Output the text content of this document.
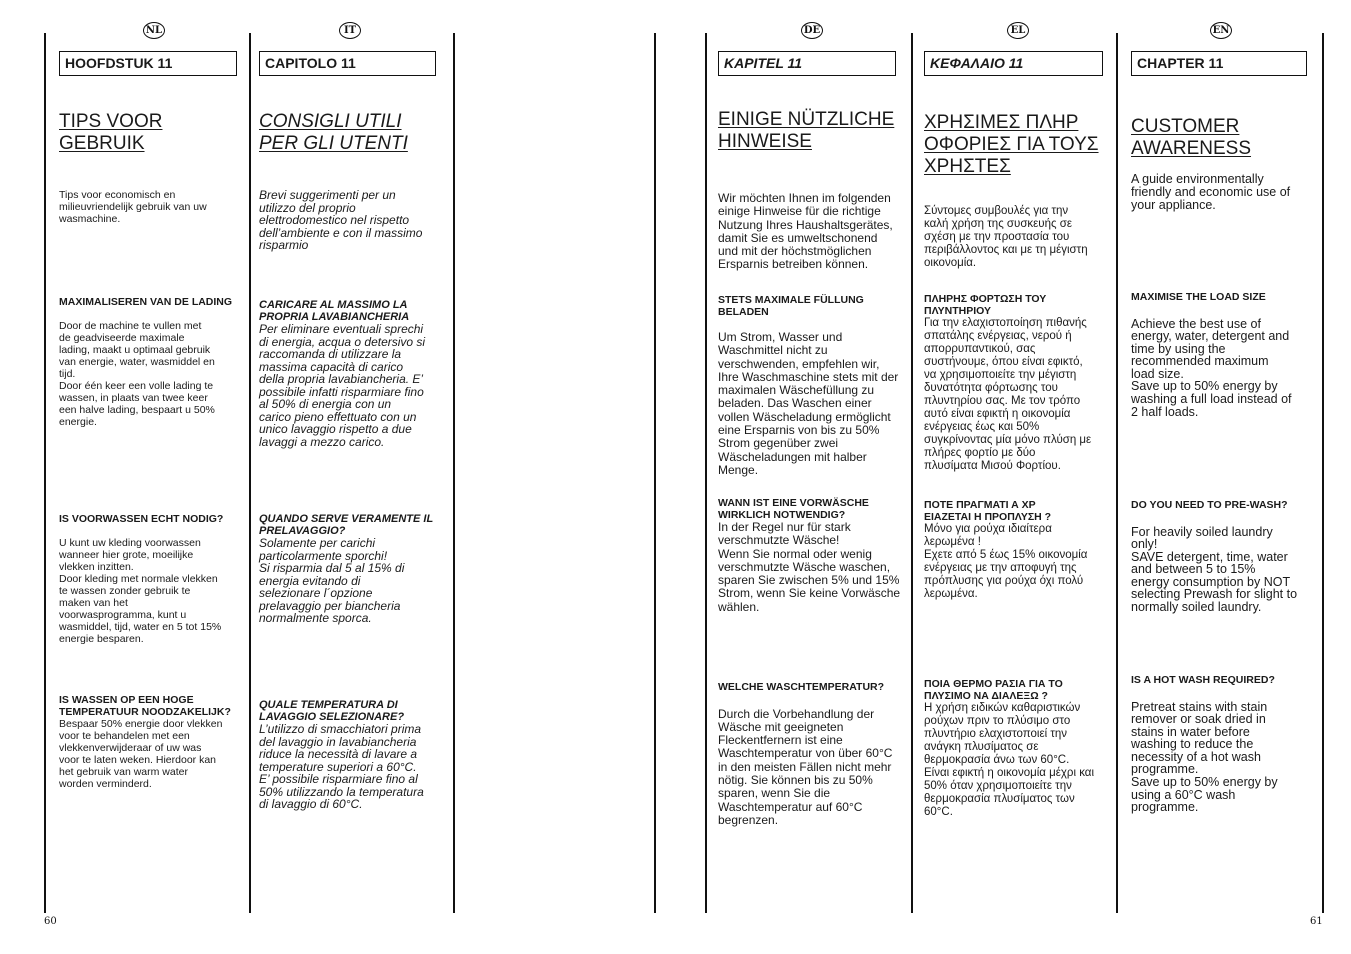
NL	IT	DE	EL	EN
HOOFDSTUK 11
TIPS VOOR
GEBRUIK
Tips voor economisch en
milieuvriendelijk gebruik van uw
wasmachine.
MAXIMALISEREN VAN DE LADING
Door de machine te vullen met
de geadviseerde maximale
lading, maakt u optimaal gebruik
van energie, water, wasmiddel en
tijd.
Door één keer een volle lading te
wassen, in plaats van twee keer
een halve lading, bespaart u 50%
energie.
IS VOORWASSEN ECHT NODIG?
U kunt uw kleding voorwassen
wanneer hier grote, moeilijke
vlekken inzitten.
Door kleding met normale vlekken
te wassen zonder gebruik te
maken van het
voorwasprogramma, kunt u
wasmiddel, tijd, water en 5 tot 15%
energie besparen.
IS WASSEN OP EEN HOGE
TEMPERATUUR NOODZAKELIJK?
Bespaar 50% energie door vlekken
voor te behandelen met een
vlekkenverwijderaar of uw was
voor te laten weken. Hierdoor kan
het gebruik van warm water
worden verminderd.
CAPITOLO 11
CONSIGLI UTILI
PER GLI UTENTI
Brevi suggerimenti per un
utilizzo del proprio
elettrodomestico nel rispetto
dell’ambiente e con il massimo
risparmio
CARICARE AL MASSIMO LA
PROPRIA LAVABIANCHERIA
Per eliminare eventuali sprechi
di energia, acqua o detersivo si
raccomanda di utilizzare la
massima capacità di carico
della propria lavabiancheria. E’
possibile infatti risparmiare fino
al 50% di energia con un
carico pieno effettuato con un
unico lavaggio rispetto a due
lavaggi a mezzo carico.
QUANDO SERVE VERAMENTE IL
PRELAVAGGIO?
Solamente per carichi
particolarmente sporchi!
Si risparmia dal 5 al 15% di
energia evitando di
selezionare l´opzione
prelavaggio per biancheria
normalmente sporca.
QUALE TEMPERATURA DI
LAVAGGIO SELEZIONARE?
L’utilizzo di smacchiatori prima
del lavaggio in lavabiancheria
riduce la necessità di lavare a
temperature superiori a 60°C.
E’ possibile risparmiare fino al
50% utilizzando la temperatura
di lavaggio di 60°C.
KAPITEL 11
EINIGE NÜTZLICHE
HINWEISE
Wir möchten Ihnen im folgenden
einige Hinweise für die richtige
Nutzung Ihres Haushaltsgerätes,
damit Sie es umweltschonend
und mit der höchstmöglichen
Ersparnis betreiben können.
STETS MAXIMALE FÜLLUNG
BELADEN
Um Strom, Wasser und
Waschmittel nicht zu
verschwenden, empfehlen wir,
Ihre Waschmaschine stets mit der
maximalen Wäschefüllung zu
beladen. Das Waschen einer
vollen Wäscheladung ermöglicht
eine Ersparnis von bis zu 50%
Strom gegenüber zwei
Wäscheladungen mit halber
Menge.
WANN IST EINE VORWÄSCHE
WIRKLICH NOTWENDIG?
In der Regel nur für stark
verschmutzte Wäsche!
Wenn Sie normal oder wenig
verschmutzte Wäsche waschen,
sparen Sie zwischen 5% und 15%
Strom, wenn Sie keine Vorwäsche
wählen.
WELCHE WASCHTEMPERATUR?
Durch die Vorbehandlung der
Wäsche mit geeigneten
Fleckentfernern ist eine
Waschtemperatur von über 60°C
in den meisten Fällen nicht mehr
nötig. Sie können bis zu 50%
sparen, wenn Sie die
Waschtemperatur auf 60°C
begrenzen.
ΚΕΦΑΛΑΙΟ 11
ΧΡΗΣΙΜΕΣ ΠΛΗΡ
ΟΦΟΡΙΕΣ ΓΙΑ ΤΟΥΣ
ΧΡΗΣΤΕΣ
Σύντομες συμβουλές για την
καλή χρήση της συσκευής σε
σχέση με την προστασία του
περιβάλλοντος και με τη μέγιστη
οικονομία.
ΠΛΗΡΗΣ ΦΟΡΤΩΣΗ ΤΟΥ
ΠΛΥΝΤΗΡΙΟΥ
Για την ελαχιστοποίηση πιθανής
σπατάλης ενέργειας, νερού ή
απορρυπαντικού, σας
συστήνουμε, όπου είναι εφικτό,
να χρησιμοποιείτε την μέγιστη
δυνατότητα φόρτωσης του
πλυντηρίου σας. Με τον τρόπο
αυτό είναι εφικτή η οικονομία
ενέργειας έως και 50%
συγκρίνοντας μία μόνο πλύση με
πλήρες φορτίο με δύο
πλυσίματα Μισού Φορτίου.
ΠΟΤΕ ΠΡΑΓΜΑΤΙ Α ΧΡ
ΕΙΑΖΕΤΑΙ Η ΠΡΟΠΛΥΣΗ ?
Μόνο για ρούχα ιδιαίτερα
λερωμένα !
Εχετε από 5 έως 15% οικονομία
ενέργειας με την αποφυγή της
πρόπλυσης για ρούχα όχι πολύ
λερωμένα.
ΠΟΙΑ ΘΕΡΜΟ ΡΑΣΙΑ ΓΙΑ ΤΟ
ΠΛΥΣΙΜΟ ΝΑ ΔΙΑΛΕΞΩ ?
Η χρήση ειδικών καθαριστικών
ρούχων πριν το πλύσιμο στο
πλυντήριο ελαχιστοποιεί την
ανάγκη πλυσίματος σε
θερμοκρασία άνω των 60°C.
Είναι εφικτή η οικονομία μέχρι και
50% όταν χρησιμοποιείτε την
θερμοκρασία πλυσίματος των
60°C.
CHAPTER 11
CUSTOMER
AWARENESS
A guide environmentally
friendly and economic use of
your appliance.
MAXIMISE THE LOAD SIZE
Achieve the best use of
energy, water, detergent and
time by using the
recommended maximum
load size.
Save up to 50% energy by
washing a full load instead of
2 half loads.
DO YOU NEED TO PRE-WASH?
For heavily soiled laundry
only!
SAVE detergent, time, water
and between 5 to 15%
energy consumption by NOT
selecting Prewash for slight to
normally soiled laundry.
IS A HOT WASH REQUIRED?
Pretreat stains with stain
remover or soak dried in
stains in water before
washing to reduce the
necessity of a hot wash
programme.
Save up to 50% energy by
using a 60°C wash
programme.
60	61
